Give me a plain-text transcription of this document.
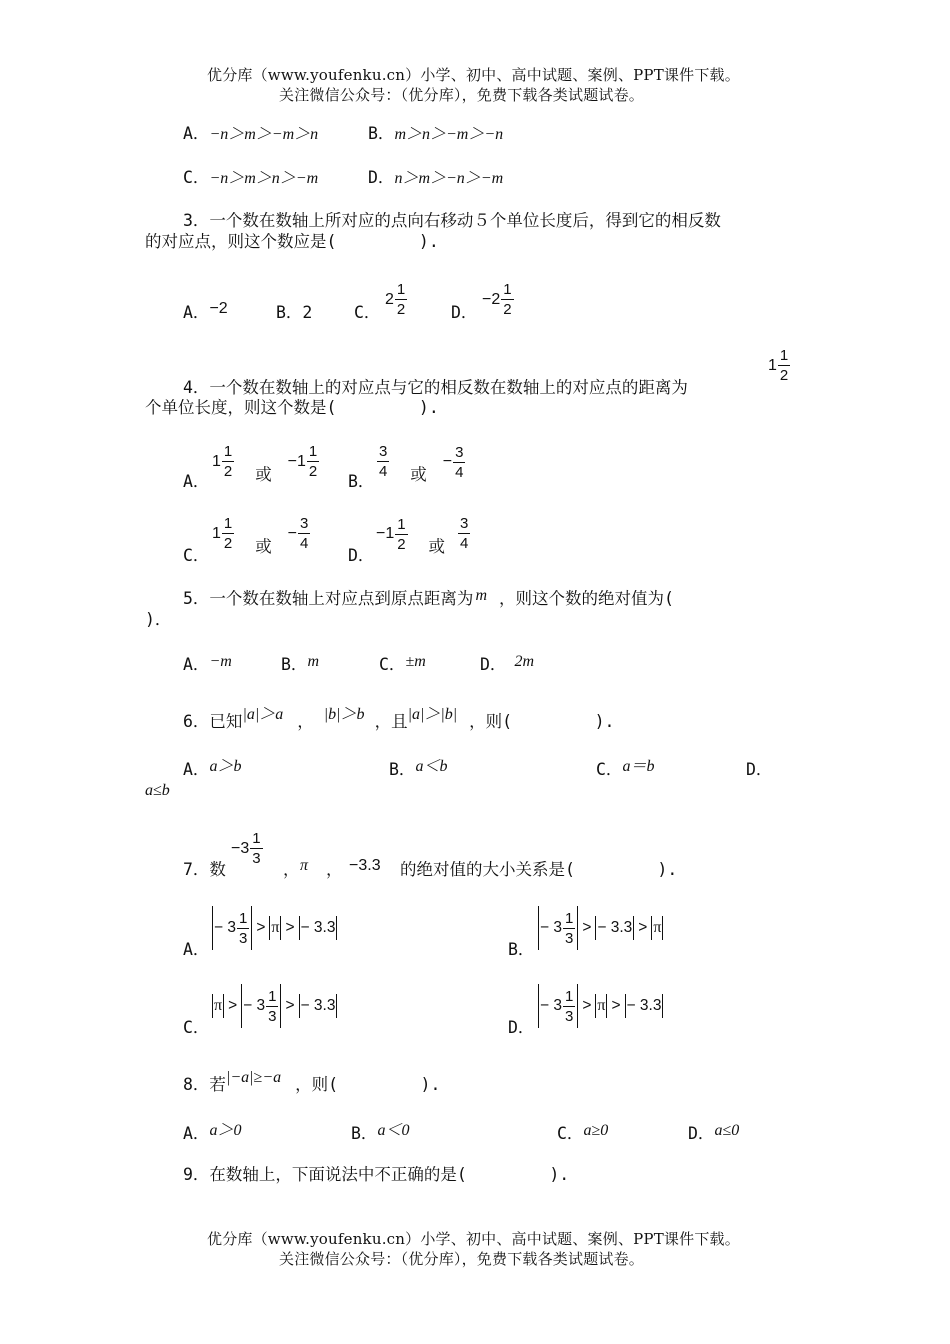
优分库（www.youfenku.cn）小学、初中、高中试题、案例、PPT课件下载。
关注微信公众号：（优分库），免费下载各类试题试卷。
A．−n＞m＞−m＞n	B．m＞n＞−m＞−n
C．−n＞m＞n＞−m	D．n＞m＞−n＞−m
3．一个数在数轴上所对应的点向右移动５个单位长度后，得到它的相反数
的对应点，则这个数应是(　　　　　).
A．−2	B．2	C．
$2 \frac{1}{2}$	D．
$-2 \frac{1}{2}$
4．一个数在数轴上的对应点与它的相反数在数轴上的对应点的距离为
$1 \frac{1}{2}$
个单位长度，则这个数是(　　　　　).
A．
$1 \frac{1}{2}$ 或
$-1 \frac{1}{2}$
B．
$\frac{3}{4}$ 或
− $\frac{3}{4}$
C．
$1 \frac{1}{2}$ 或
− $\frac{3}{4}$
D．
$-1 \frac{1}{2}$ 或 $\frac{3}{4}$
5．一个数在数轴上对应点到原点距离为 m ，则这个数的绝对值为(
)．
A．−m	B．m	C．±m	D． 2m
6．已知|a|＞a ， |b|＞b ，且|a|＞|b| ，则(　　　　　).
A．a＞b	B．a＜b	C．a＝b	D．
a≤b
7．数
$-3 \frac{1}{3}$
， π ， −3.3 的绝对值的大小关系是(　　　　　).
A．
− $3 \frac{1}{3} > \pi$ > − 3.3
B．
− $3 \frac{1}{3}$ > − 3.3 > π
C．
π > − $3 \frac{1}{3}$ > − 3.3
D．
− $3 \frac{1}{3} > \pi$ > − 3.3
8．若|−a|≥−a ，则(　　　　　).
A．a＞0	B．a＜0	C．a≥0	D．a≤0
9．在数轴上，下面说法中不正确的是(　　　　　).
优分库（www.youfenku.cn）小学、初中、高中试题、案例、PPT课件下载。
关注微信公众号：（优分库），免费下载各类试题试卷。
